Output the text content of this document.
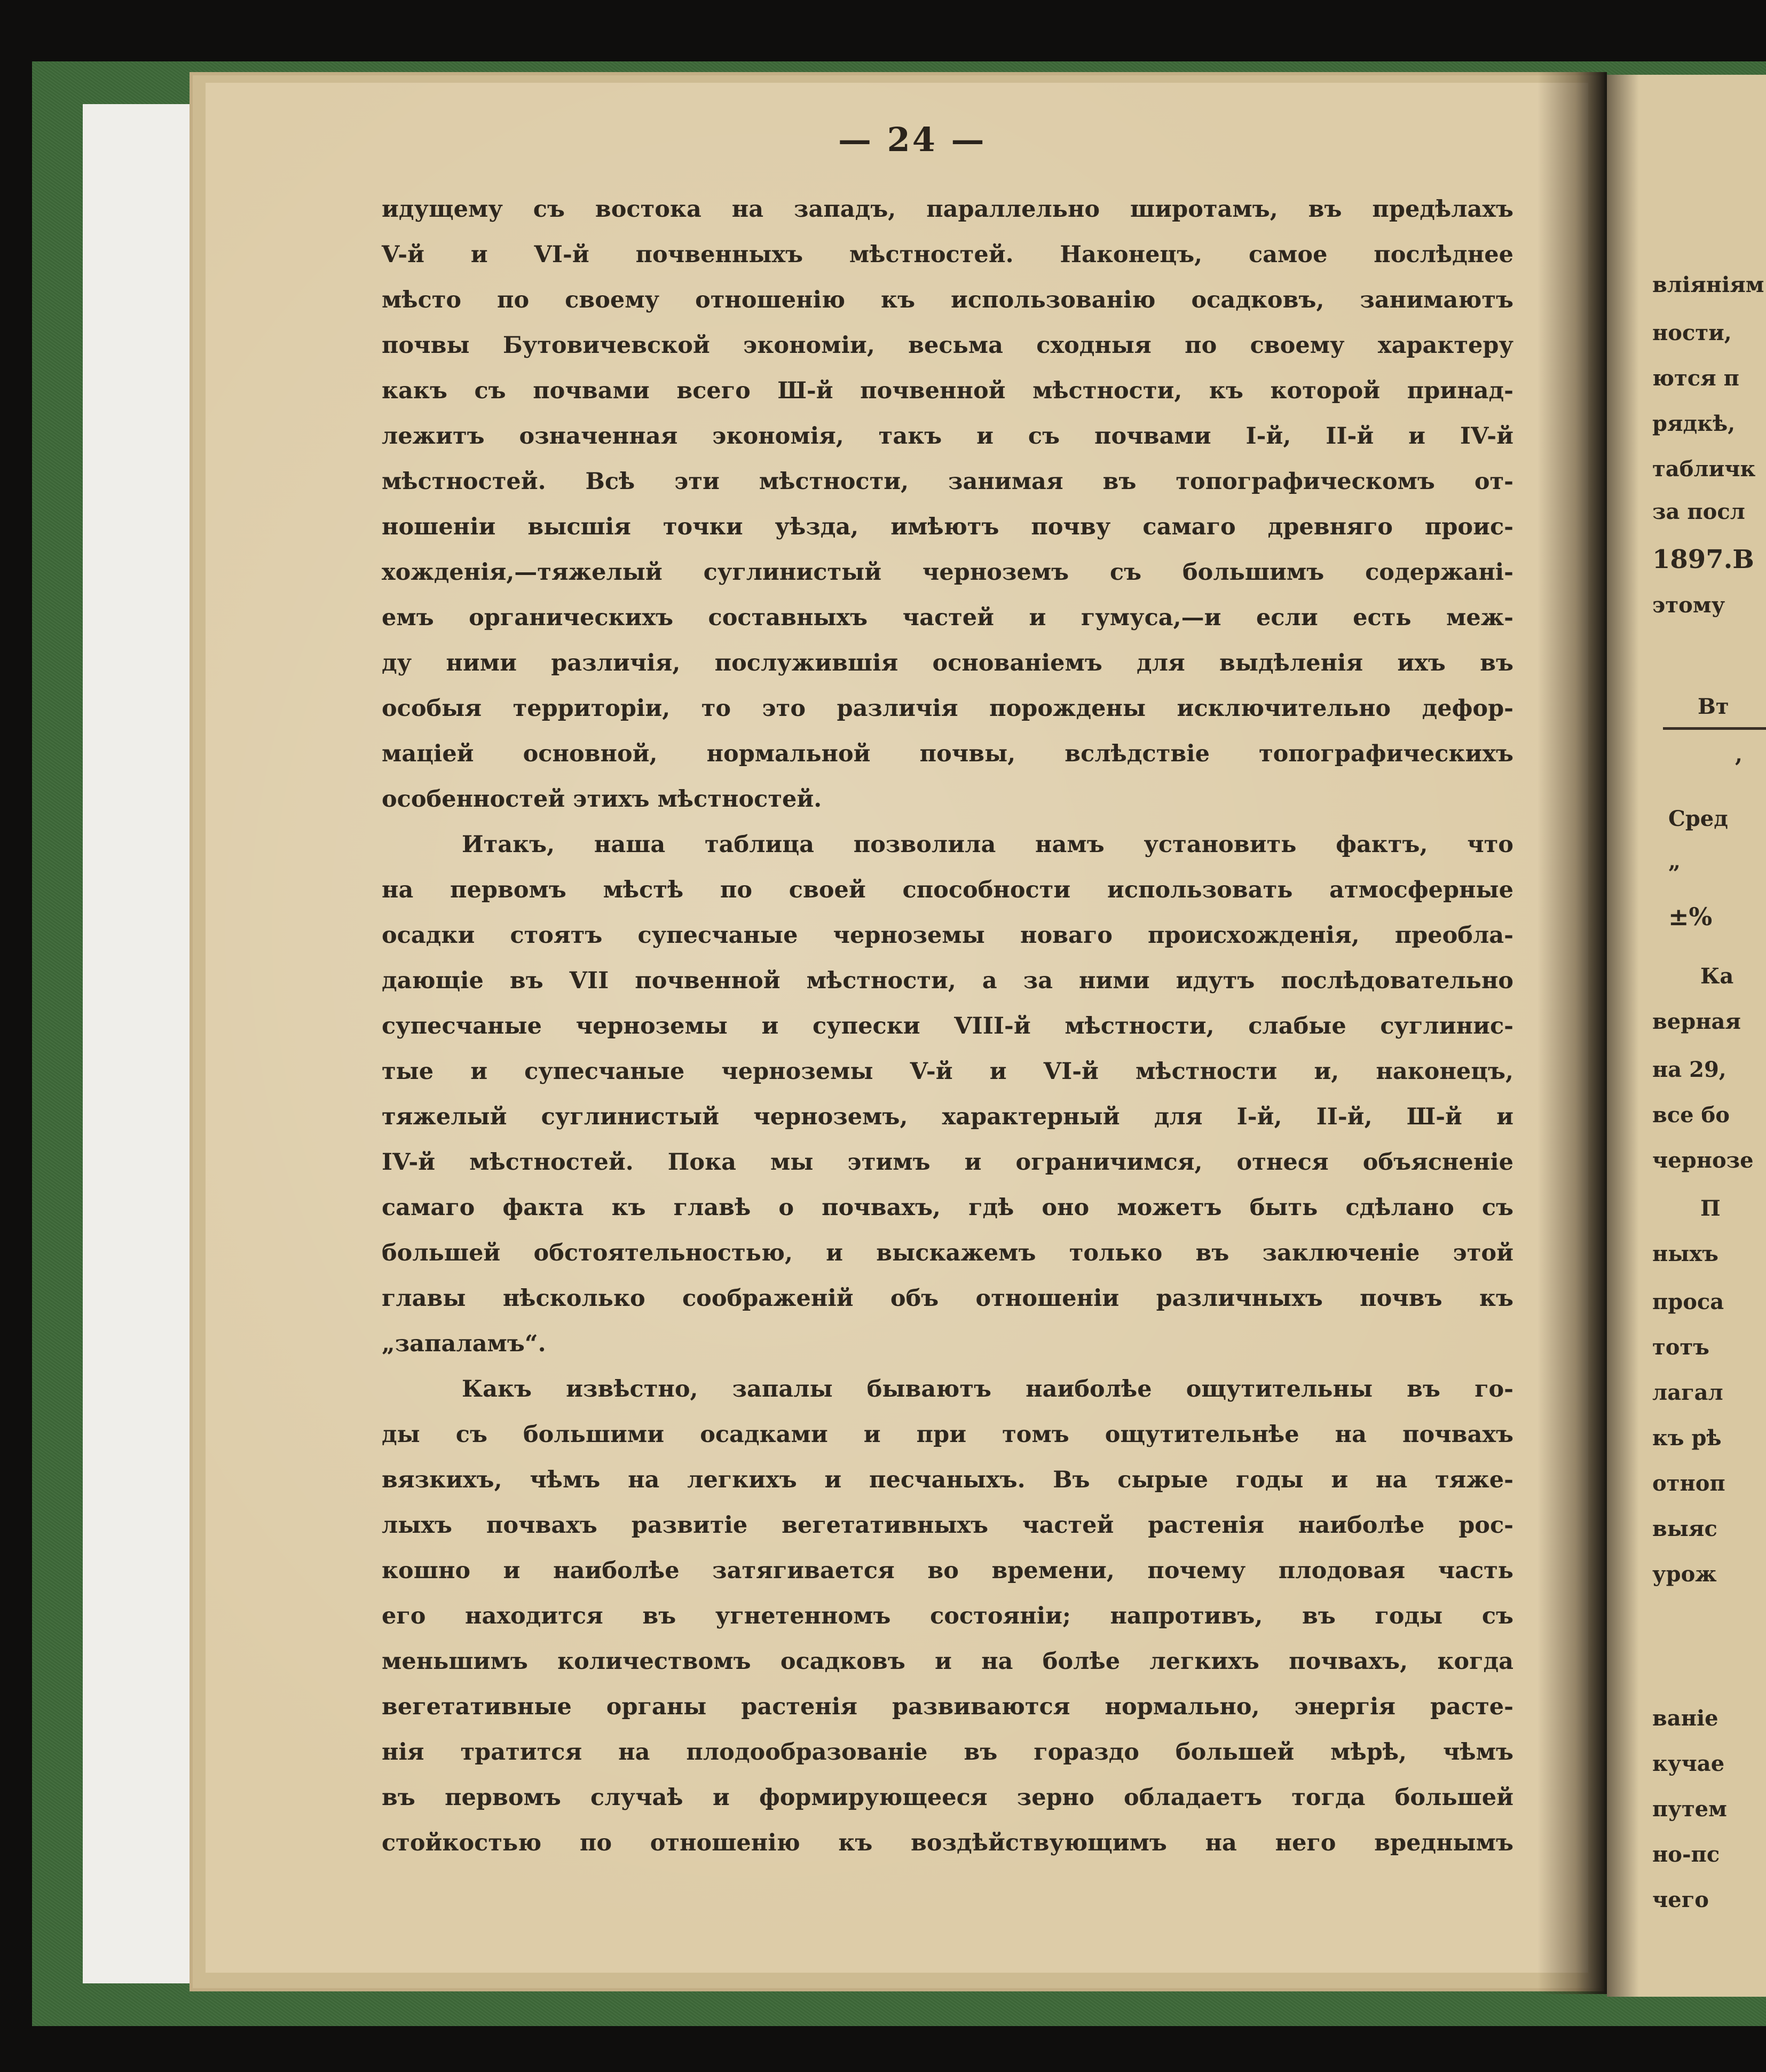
— 24 —
идущему съ востока на западъ, параллельно широтамъ, въ предѣлахъ
V-й и VI-й почвенныхъ мѣстностей. Наконецъ, самое послѣднее
мѣсто по своему отношенію къ использованію осадковъ, занимаютъ
почвы Бутовичевской экономіи, весьма сходныя по своему характеру
какъ съ почвами всего Ш-й почвенной мѣстности, къ которой принад-
лежитъ означенная экономія, такъ и съ почвами I-й, II-й и IV-й
мѣстностей. Всѣ эти мѣстности, занимая въ топографическомъ от-
ношеніи высшія точки уѣзда, имѣютъ почву самаго древняго проис-
хожденія,—тяжелый суглинистый черноземъ съ большимъ содержані-
емъ органическихъ составныхъ частей и гумуса,—и если есть меж-
ду ними различія, послужившія основаніемъ для выдѣленія ихъ въ
особыя территоріи, то это различія порождены исключительно дефор-
маціей основной, нормальной почвы, вслѣдствіе топографическихъ
особенностей этихъ мѣстностей.
Итакъ, наша таблица позволила намъ установить фактъ, что
на первомъ мѣстѣ по своей способности использовать атмосферные
осадки стоятъ супесчаные черноземы новаго происхожденія, преобла-
дающіе въ VII почвенной мѣстности, а за ними идутъ послѣдовательно
супесчаные черноземы и супески VIII-й мѣстности, слабые суглинис-
тые и супесчаные черноземы V-й и VI-й мѣстности и, наконецъ,
тяжелый суглинистый черноземъ, характерный для I-й, II-й, Ш-й и
IV-й мѣстностей. Пока мы этимъ и ограничимся, отнеся объясненіе
самаго факта къ главѣ о почвахъ, гдѣ оно можетъ быть сдѣлано съ
большей обстоятельностью, и выскажемъ только въ заключеніе этой
главы нѣсколько соображеній объ отношеніи различныхъ почвъ къ
„запаламъ“.
Какъ извѣстно, запалы бываютъ наиболѣе ощутительны въ го-
ды съ большими осадками и при томъ ощутительнѣе на почвахъ
вязкихъ, чѣмъ на легкихъ и песчаныхъ. Въ сырые годы и на тяже-
лыхъ почвахъ развитіе вегетативныхъ частей растенія наиболѣе рос-
кошно и наиболѣе затягивается во времени, почему плодовая часть
его находится въ угнетенномъ состояніи; напротивъ, въ годы съ
меньшимъ количествомъ осадковъ и на болѣе легкихъ почвахъ, когда
вегетативные органы растенія развиваются нормально, энергія расте-
нія тратится на плодообразованіе въ гораздо большей мѣрѣ, чѣмъ
въ первомъ случаѣ и формирующееся зерно обладаетъ тогда большей
стойкостью по отношенію къ воздѣйствующимъ на него вреднымъ
вліяніям
ности,
ются п
рядкѣ,
табличк
за посл
1897.В
этому
Вт
,
Сред
„
±%
Ка
верная
на 29,
все бо
чернозе
П
ныхъ
проса
тотъ
лагал
къ рѣ
отноп
выяс
урож
ваніе
кучае
путем
но-пс
чего
